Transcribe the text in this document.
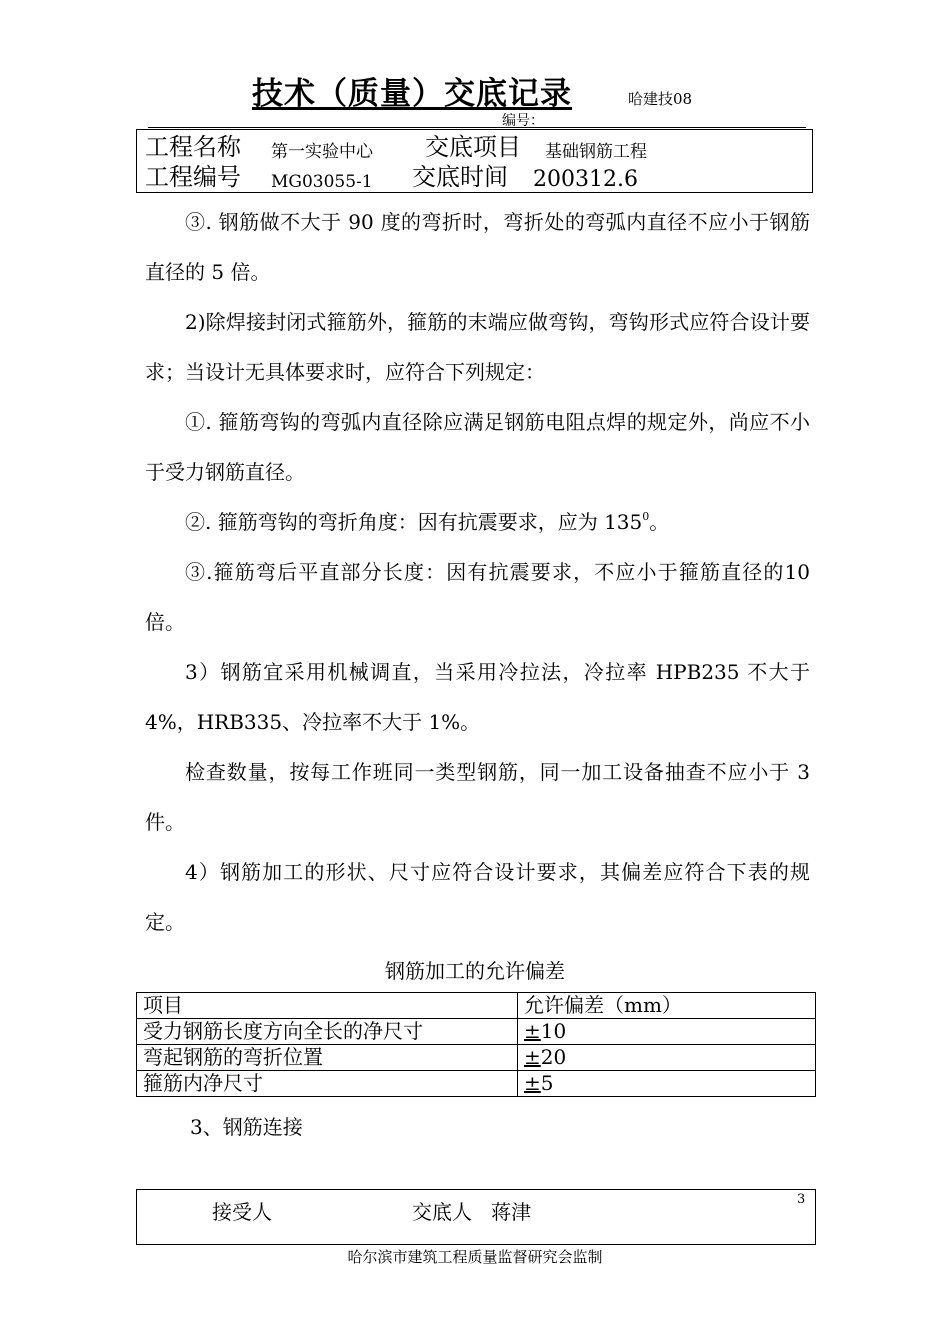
技术（质量）交底记录	哈建技08
编号：
工程名称 第一实验中心 交底项目 基础钢筋工程
工程编号 MG03055-1 交底时间 200312.6

③. 钢筋做不大于 90 度的弯折时，弯折处的弯弧内直径不应小于钢筋直径的 5 倍。

2)除焊接封闭式箍筋外，箍筋的末端应做弯钩，弯钩形式应符合设计要求；当设计无具体要求时，应符合下列规定：

①. 箍筋弯钩的弯弧内直径除应满足钢筋电阻点焊的规定外，尚应不小于受力钢筋直径。

②. 箍筋弯钩的弯折角度：因有抗震要求，应为 $135^0$。

③.箍筋弯后平直部分长度：因有抗震要求，不应小于箍筋直径的10 倍。

3）钢筋宜采用机械调直，当采用冷拉法，冷拉率 HPB235 不大于4%，HRB335、冷拉率不大于 1%。

检查数量，按每工作班同一类型钢筋，同一加工设备抽查不应小于 3 件。

4）钢筋加工的形状、尺寸应符合设计要求，其偏差应符合下表的规定。

钢筋加工的允许偏差
项目	允许偏差（mm）
受力钢筋长度方向全长的净尺寸	±10
弯起钢筋的弯折位置	±20
箍筋内净尺寸	±5
3、钢筋连接
接受人	交底人 蒋津
3
哈尔滨市建筑工程质量监督研究会监制
